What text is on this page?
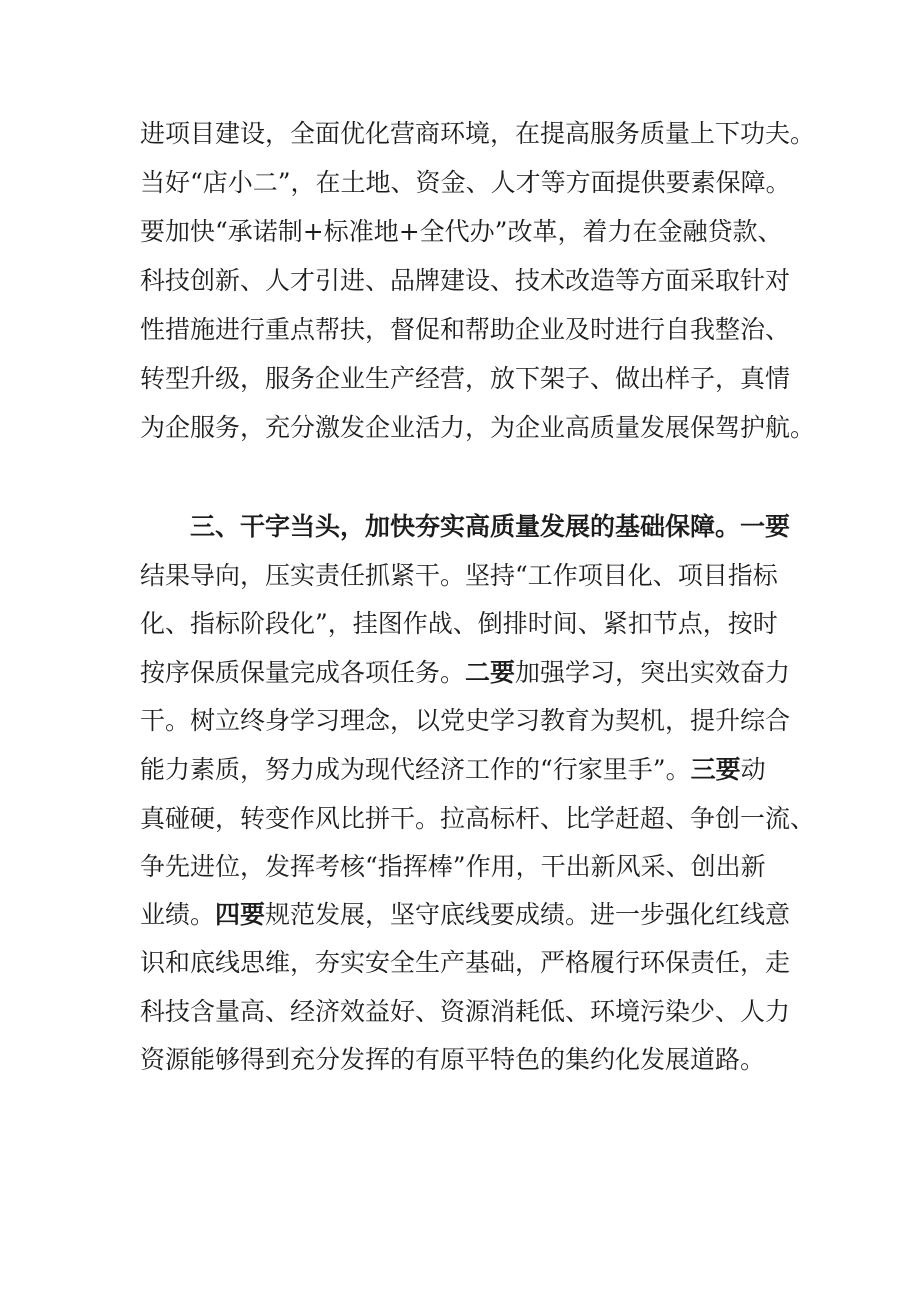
进项目建设，全面优化营商环境，在提高服务质量上下功夫。

当好“店小二”，在土地、资金、人才等方面提供要素保障。

要加快“承诺制+标准地+全代办”改革，着力在金融贷款、

科技创新、人才引进、品牌建设、技术改造等方面采取针对

性措施进行重点帮扶，督促和帮助企业及时进行自我整治、

转型升级，服务企业生产经营，放下架子、做出样子，真情

为企服务，充分激发企业活力，为企业高质量发展保驾护航。

三、干字当头，加快夯实高质量发展的基础保障。一要

结果导向，压实责任抓紧干。坚持“工作项目化、项目指标

化、指标阶段化”，挂图作战、倒排时间、紧扣节点，按时

按序保质保量完成各项任务。二要加强学习，突出实效奋力

干。树立终身学习理念，以党史学习教育为契机，提升综合

能力素质，努力成为现代经济工作的“行家里手”。三要动

真碰硬，转变作风比拼干。拉高标杆、比学赶超、争创一流、

争先进位，发挥考核“指挥棒”作用，干出新风采、创出新

业绩。四要规范发展，坚守底线要成绩。进一步强化红线意

识和底线思维，夯实安全生产基础，严格履行环保责任，走

科技含量高、经济效益好、资源消耗低、环境污染少、人力

资源能够得到充分发挥的有原平特色的集约化发展道路。
